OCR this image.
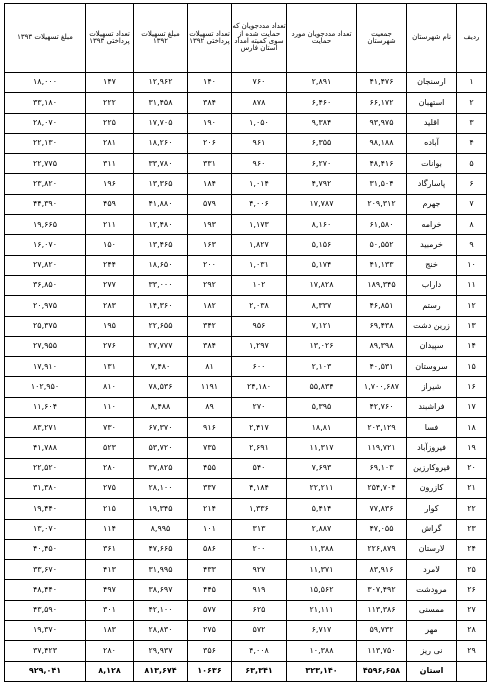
ردیف	نام شهرستان	جمعیت شهرستان	تعداد مددجویان مورد حمایت	تعداد مددجویان که حمایت شده از سوی کمیته امداد استان فارس	تعداد تسهیلات پرداختی ۱۳۹۲	مبلغ تسهیلات ۱۳۹۲	تعداد تسهیلات پرداختی ۱۳۹۳	مبلغ تسهیلات ۱۳۹۳
۱	ارسنجان	۴۱,۴۷۶	۲,۸۹۱	۷۶۰	۱۴۰	۱۲,۹۶۲	۱۴۷	۱۸,۰۰۰
۲	استهبان	۶۶,۱۷۲	۶,۴۶۰	۸۷۸	۳۸۴	۳۱,۴۵۸	۲۲۲	۳۳,۱۸۰
۳	اقلید	۹۳,۹۷۵	۹,۳۸۴	۱,۰۵۰	۱۹۰	۱۷,۷۰۵	۲۲۵	۲۸,۰۷۰
۴	آباده	۹۸,۱۸۸	۶,۳۵۵	۹۶۱	۲۰۶	۱۸,۲۶۰	۲۸۱	۲۲,۱۳۰
۵	بوانات	۴۸,۴۱۶	۶,۲۷۰	۹۶۰	۳۳۱	۳۳,۷۸۰	۳۱۱	۲۲,۷۷۵
۶	پاسارگاد	۳۱,۵۰۴	۴,۷۹۲	۱,۰۱۴	۱۸۴	۱۳,۳۶۵	۱۹۶	۲۳,۸۲۰
۷	جهرم	۲۰۹,۳۱۲	۱۷,۷۸۷	۴,۰۰۶	۵۷۹	۴۱,۸۸۰	۴۵۹	۴۴,۳۹۰
۸	خرامه	۶۱,۵۸۰	۸,۱۶۰	۱,۱۷۳	۱۹۳	۱۲,۴۸۰	۲۱۱	۱۹,۶۶۵
۹	خرمبید	۵۰,۵۵۲	۵,۱۵۶	۱,۸۲۷	۱۶۳	۱۳,۴۶۵	۱۵۰	۱۶,۰۷۰
۱۰	خنج	۴۱,۱۳۳	۵,۱۷۴	۱,۰۳۱	۲۰۰	۱۸,۶۵۰	۲۴۴	۲۷,۸۲۰
۱۱	داراب	۱۸۹,۳۴۵	۱۷,۸۲۸	۱۰۲	۲۹۲	۳۳,۰۰۰	۲۷۷	۳۶,۸۵۰
۱۲	رستم	۴۶,۸۵۱	۸,۳۳۷	۲,۰۳۸	۱۸۲	۱۴,۳۶۰	۲۸۳	۲۰,۹۷۵
۱۳	زرین دشت	۶۹,۴۳۸	۷,۱۲۱	۹۵۶	۳۴۲	۲۲,۶۵۵	۱۹۵	۲۵,۳۷۵
۱۴	سپیدان	۸۹,۳۹۸	۱۳,۰۲۶	۱,۲۹۷	۳۸۴	۲۷,۷۷۷	۲۷۶	۲۷,۹۵۵
۱۵	سروستان	۴۰,۵۳۱	۲,۱۰۳	۶۰۰	۸۱	۷,۴۸۰	۱۳۱	۱۷,۹۱۰
۱۶	شیراز	۱,۷۰۰,۶۸۷	۵۵,۸۳۴	۲۴,۱۸۰	۱۱۹۱	۷۸,۵۳۶	۸۱۰	۱۰۲,۹۵۰
۱۷	فراشبند	۴۲,۷۶۰	۵,۳۹۵	۲۷۰	۸۹	۸,۴۸۸	۱۱۰	۱۱,۶۰۴
۱۸	فسا	۲۰۳,۱۲۹	۱۸,۸۱	۲,۴۱۷	۹۱۶	۶۷,۳۷۰	۷۳۰	۸۳,۲۷۱
۱۹	فیروزآباد	۱۱۹,۷۲۱	۱۱,۳۱۷	۲,۶۹۱	۷۳۵	۵۳,۷۲۰	۵۲۳	۴۱,۷۸۸
۲۰	قیروکارزین	۶۹,۱۰۳	۷,۶۹۳	۵۴۰	۴۵۵	۳۷,۸۲۵	۲۸۰	۲۲,۵۲۰
۲۱	کازرون	۲۵۴,۷۰۴	۲۲,۲۱۱	۴,۱۸۴	۳۳۷	۲۸,۱۰۰	۲۷۵	۳۱,۳۸۰
۲۲	کوار	۷۷,۸۳۶	۵,۴۱۴	۱,۳۳۶	۲۱۴	۱۹,۳۴۵	۲۱۵	۱۹,۴۴۰
۲۳	گراش	۴۷,۰۵۵	۲,۸۸۷	۳۱۳	۱۰۱	۸,۹۹۵	۱۱۴	۱۳,۰۷۰
۲۴	لارستان	۲۲۶,۸۷۹	۱۱,۳۸۸	۲۰۰	۵۸۶	۴۷,۶۶۵	۳۶۱	۴۰,۴۵۰
۲۵	لامرد	۸۳,۹۱۶	۱۱,۳۷۱	۹۲۷	۴۳۳	۳۱,۹۹۵	۴۱۳	۳۳,۶۷۰
۲۶	مرودشت	۳۰۷,۴۹۲	۱۵,۵۶۲	۹۱۹	۴۴۵	۳۸,۶۹۷	۴۹۷	۴۸,۴۴۰
۲۷	ممسنی	۱۱۳,۳۸۶	۲۱,۱۱۱	۶۲۵	۵۷۷	۴۲,۱۰۰	۳۰۱	۴۳,۵۹۰
۲۸	مهر	۵۹,۷۳۲	۶,۷۱۷	۵۷۲	۲۷۵	۲۸,۸۳۰	۱۸۳	۱۹,۳۷۰
۲۹	نی ریز	۱۱۳,۷۵۰	۱۰,۳۸۸	۴,۰۰۸	۳۵۶	۲۹,۹۳۷	۲۸۰	۳۷,۴۲۳
	استان	۴۵۹۶,۶۵۸	۳۲۳,۱۴۰	۶۳,۳۴۱	۱۰۶۳۶	۸۱۳,۶۷۴	۸,۱۲۸	۹۲۹,۰۴۱
